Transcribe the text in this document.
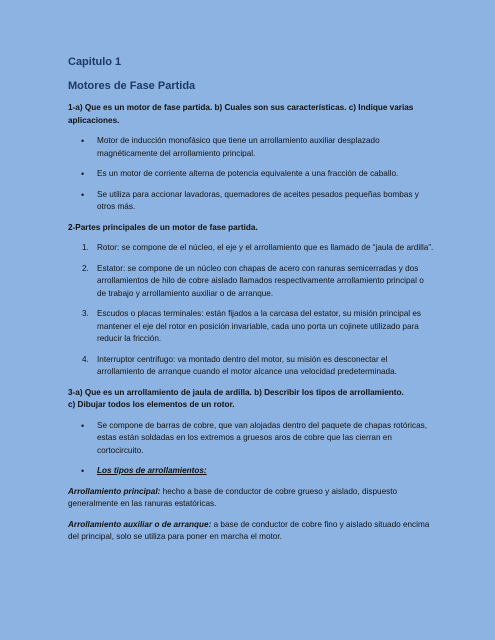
Capitulo 1
Motores de Fase Partida
1-a) Que es un motor de fase partida. b) Cuales son sus características. c) Indique varias aplicaciones.
• Motor de inducción monofásico que tiene un arrollamiento auxiliar desplazado magnéticamente del arrollamiento principal.
• Es un motor de corriente alterna de potencia equivalente a una fracción de caballo.
• Se utiliza para accionar lavadoras, quemadores de aceites pesados pequeñas bombas y otros más.
2-Partes principales de un motor de fase partida.
1. Rotor: se compone de el núcleo, el eje y el arrollamiento que es llamado de “jaula de ardilla”.
2. Estator: se compone de un núcleo con chapas de acero con ranuras semicerradas y dos arrollamientos de hilo de cobre aislado llamados respectivamente arrollamiento principal o de trabajo y arrollamiento auxiliar o de arranque.
3. Escudos o placas terminales: están fijados a la carcasa del estator, su misión principal es mantener el eje del rotor en posición invariable, cada uno porta un cojinete utilizado para reducir la fricción.
4. Interruptor centrifugo: va montado dentro del motor, su misión es desconectar el arrollamiento de arranque cuando el motor alcance una velocidad predeterminada.
3-a) Que es un arrollamiento de jaula de ardilla. b) Describir los tipos de arrollamiento.
c) Dibujar todos los elementos de un rotor.
• Se compone de barras de cobre, que van alojadas dentro del paquete de chapas rotóricas, estas están soldadas en los extremos a gruesos aros de cobre que las cierran en cortocircuito.
• Los tipos de arrollamientos:
Arrollamiento principal: hecho a base de conductor de cobre grueso y aislado, dispuesto generalmente en las ranuras estatóricas.
Arrollamiento auxiliar o de arranque: a base de conductor de cobre fino y aislado situado encima del principal, solo se utiliza para poner en marcha el motor.
